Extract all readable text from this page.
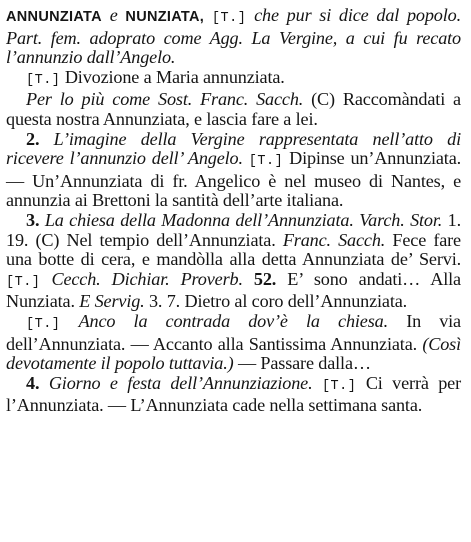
ANNUNZIATA e NUNZIATA, [T.] che pur si dice dal popolo. Part. fem. adoprato come Agg. La Vergine, a cui fu recato l’annunzio dall’Angelo.

[T.] Divozione a Maria annunziata.

Per lo più come Sost. Franc. Sacch. (C) Raccomàndati a questa nostra Annunziata, e lascia fare a lei.

2. L’imagine della Vergine rappresentata nell’atto di ricevere l’annunzio dell’ Angelo. [T.] Dipinse un’Annunziata. — Un’Annunziata di fr. Angelico è nel museo di Nantes, e annunzia ai Brettoni la santità dell’arte italiana.

3. La chiesa della Madonna dell’Annunziata. Varch. Stor. 1. 19. (C) Nel tempio dell’Annunziata. Franc. Sacch. Fece fare una botte di cera, e mandòlla alla detta Annunziata de’ Servi. [T.] Cecch. Dichiar. Proverb. 52. E’ sono andati… Alla Nunziata. E Servig. 3. 7. Dietro al coro dell’Annunziata.

[T.] Anco la contrada dov’è la chiesa. In via dell’Annunziata. — Accanto alla Santissima Annunziata. (Così devotamente il popolo tuttavia.) — Passare dalla…

4. Giorno e festa dell’Annunziazione. [T.] Ci verrà per l’Annunziata. — L’Annunziata cade nella settimana santa.
